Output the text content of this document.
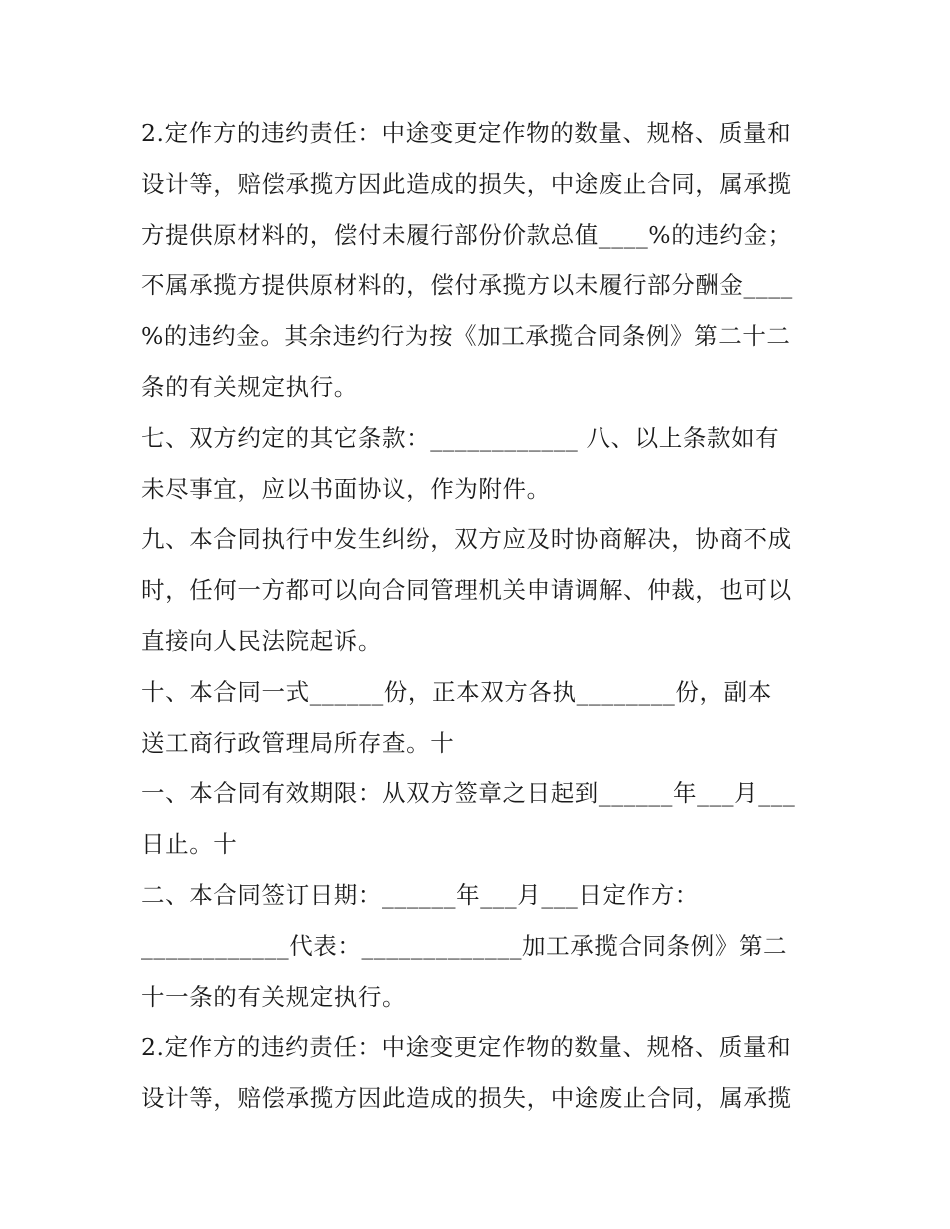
2.定作方的违约责任：中途变更定作物的数量、规格、质量和
设计等，赔偿承揽方因此造成的损失，中途废止合同，属承揽
方提供原材料的，偿付未履行部份价款总值____%的违约金；
不属承揽方提供原材料的，偿付承揽方以未履行部分酬金____
%的违约金。其余违约行为按《加工承揽合同条例》第二十二
条的有关规定执行。
七、双方约定的其它条款：____________ 八、以上条款如有
未尽事宜，应以书面协议，作为附件。
九、本合同执行中发生纠纷，双方应及时协商解决，协商不成
时，任何一方都可以向合同管理机关申请调解、仲裁，也可以
直接向人民法院起诉。
十、本合同一式______份，正本双方各执________份，副本
送工商行政管理局所存查。十
一、本合同有效期限：从双方签章之日起到______年___月___
日止。十
二、本合同签订日期：______年___月___日定作方：
____________代表：_____________加工承揽合同条例》第二
十一条的有关规定执行。
2.定作方的违约责任：中途变更定作物的数量、规格、质量和
设计等，赔偿承揽方因此造成的损失，中途废止合同，属承揽
